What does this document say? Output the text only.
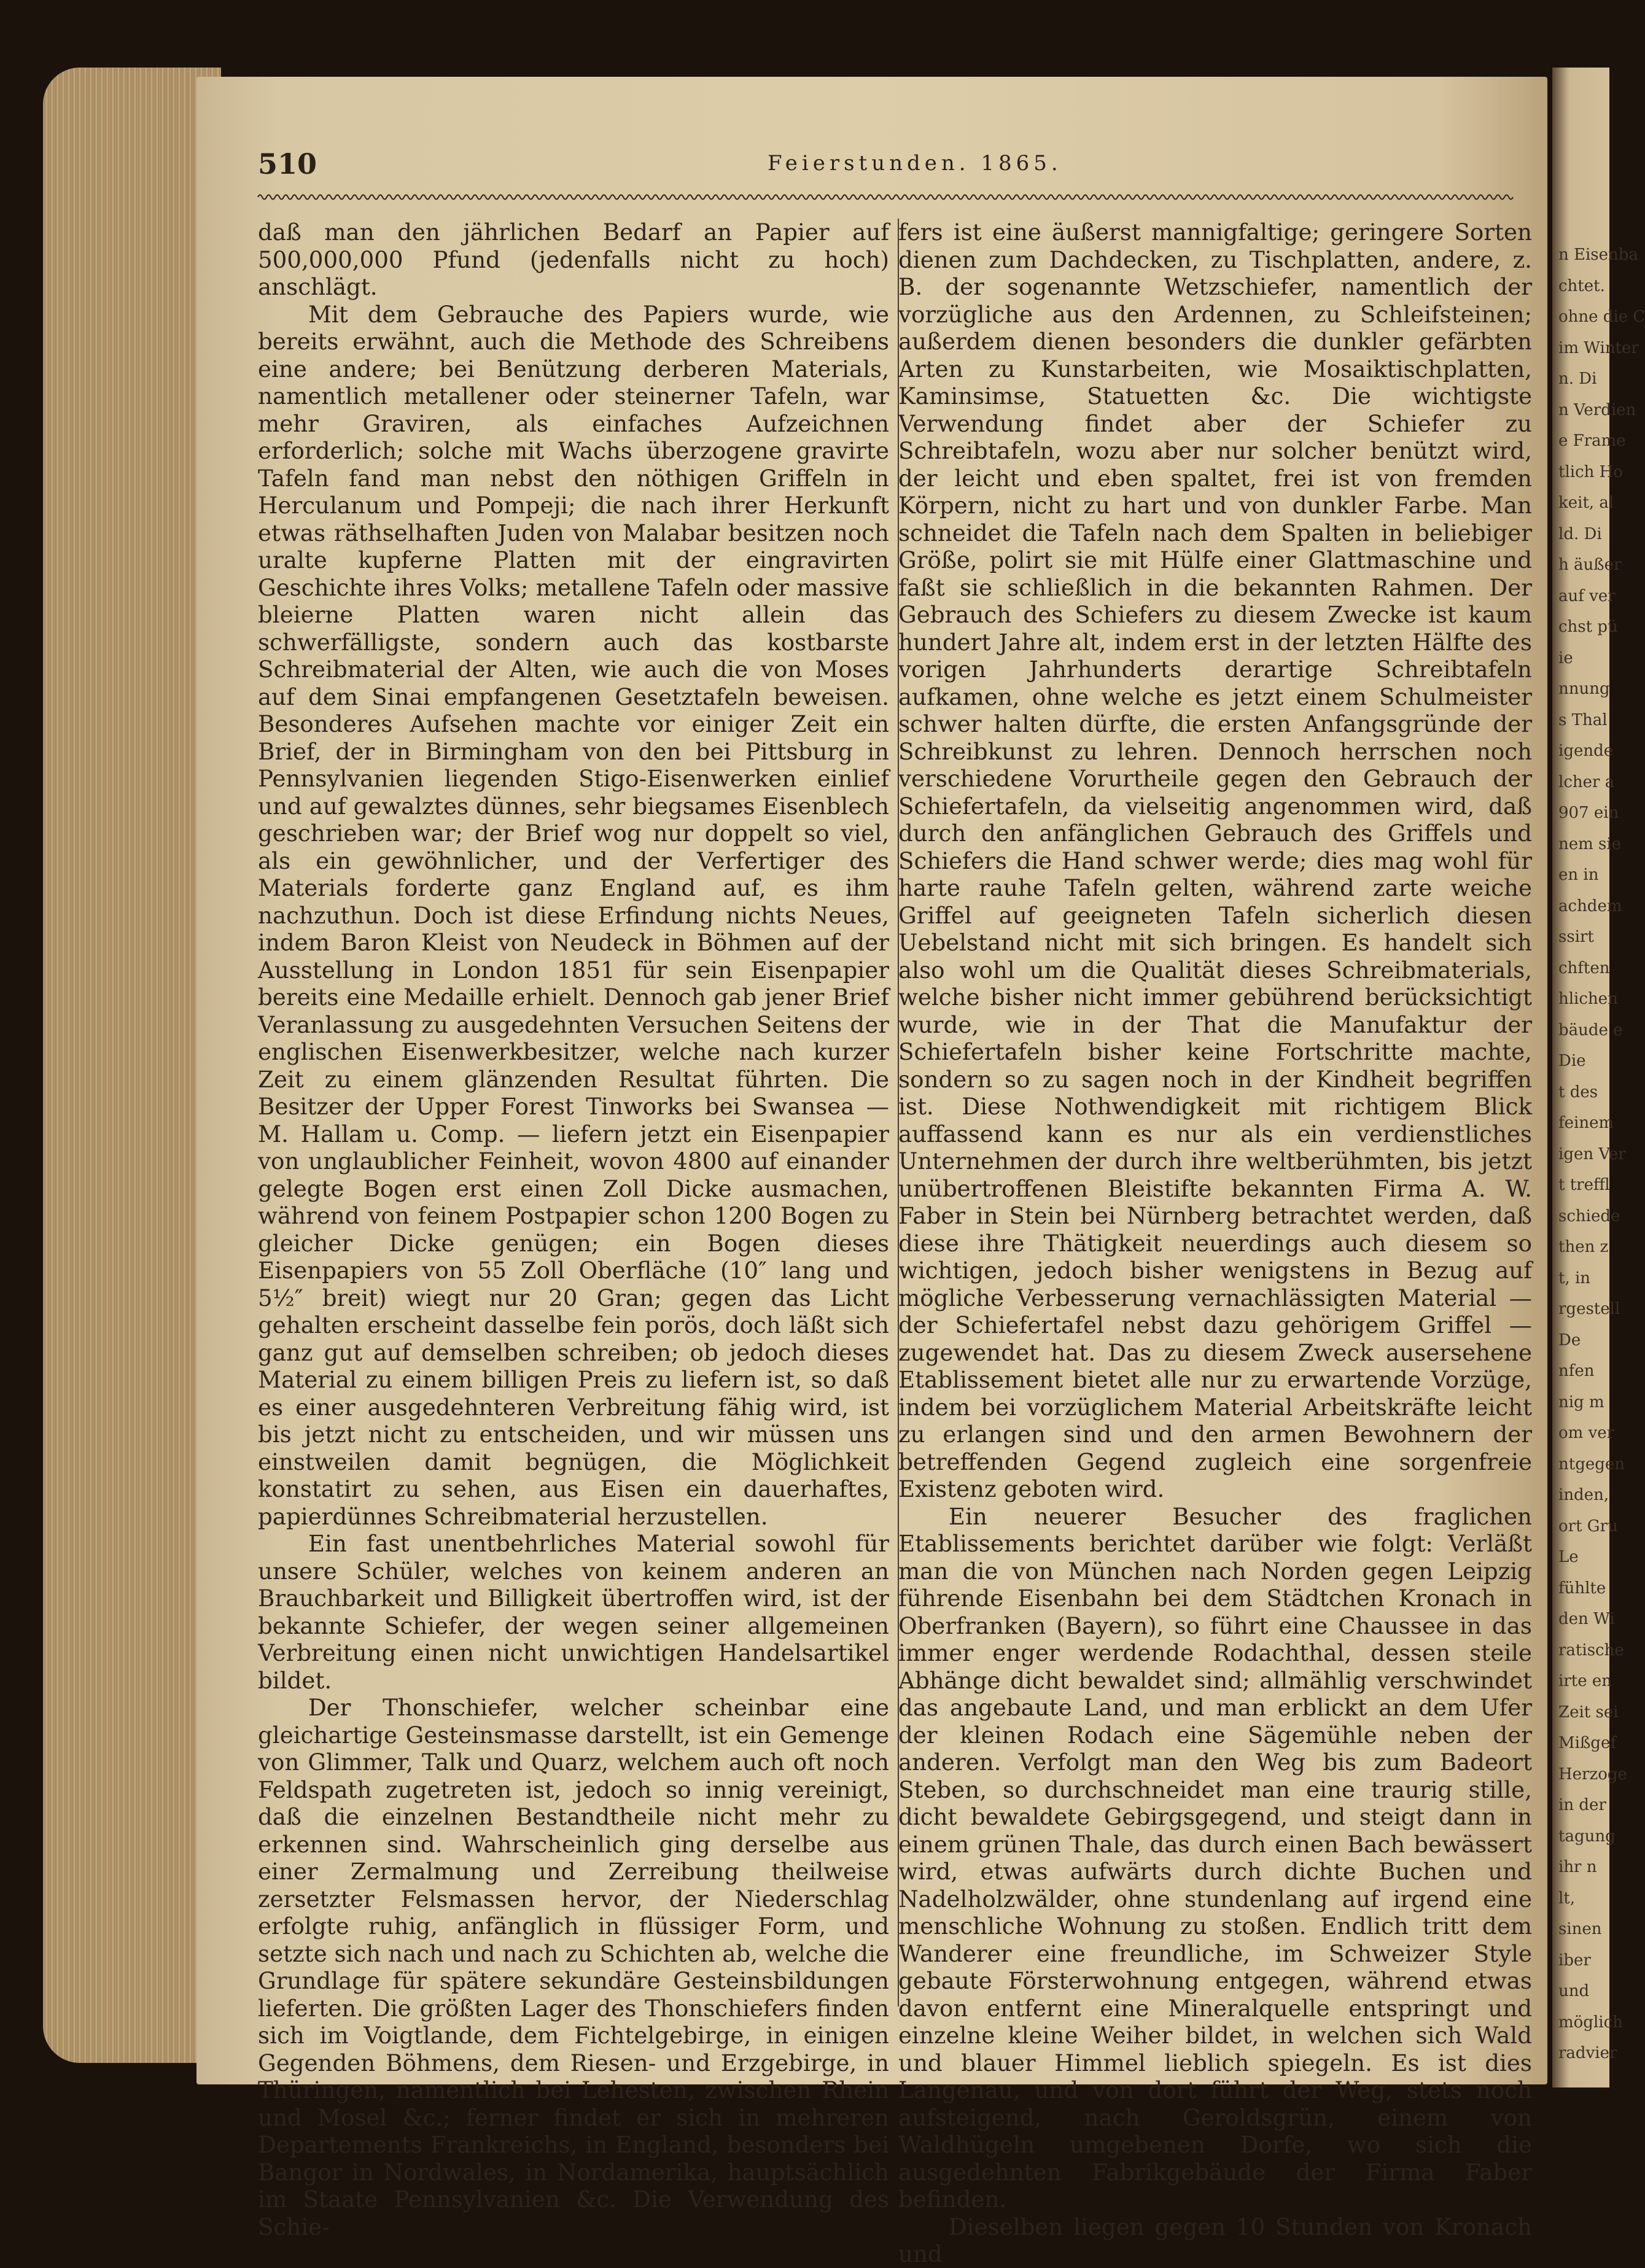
n Eisenba
chtet.
ohne die C
im Winter
n. Di
n Verdien
e Frame
tlich Ho
keit, al
ld. Di
h äußer
auf ver
chst pü
ie
nnung
s Thal
igende
lcher a
907 ein
nem sie
en in
achdem
ssirt
chften
hlichen
bäude e
Die
t des
feinem
igen Ver
t treffl
schiede
then z
t, in
rgestell
De
nfen
nig m
om ver
ntgegen
inden,
ort Gru
Le
fühlte
den Wi
ratische
irte en
Zeit sei
Mißgef
Herzoge
in der
tagung
ihr n
lt,
sinen
iber
und
möglich
radvier
510	Feierstunden. 1865.

daß man den jährlichen Bedarf an Papier auf 500,000,000 Pfund (jedenfalls nicht zu hoch) anschlägt.

Mit dem Gebrauche des Papiers wurde, wie bereits erwähnt, auch die Methode des Schreibens eine andere; bei Benützung derberen Materials, namentlich metallener oder steinerner Tafeln, war mehr Graviren, als einfaches Aufzeichnen erforderlich; solche mit Wachs überzogene gravirte Tafeln fand man nebst den nöthigen Griffeln in Herculanum und Pompeji; die nach ihrer Herkunft etwas räthselhaften Juden von Malabar besitzen noch uralte kupferne Platten mit der eingravirten Geschichte ihres Volks; metallene Tafeln oder massive bleierne Platten waren nicht allein das schwerfälligste, sondern auch das kostbarste Schreibmaterial der Alten, wie auch die von Moses auf dem Sinai empfangenen Gesetztafeln beweisen. Besonderes Aufsehen machte vor einiger Zeit ein Brief, der in Birmingham von den bei Pittsburg in Pennsylvanien liegenden Stigo-Eisenwerken einlief und auf gewalztes dünnes, sehr biegsames Eisenblech geschrieben war; der Brief wog nur doppelt so viel, als ein gewöhnlicher, und der Verfertiger des Materials forderte ganz England auf, es ihm nachzuthun. Doch ist diese Erfindung nichts Neues, indem Baron Kleist von Neudeck in Böhmen auf der Ausstellung in London 1851 für sein Eisenpapier bereits eine Medaille erhielt. Dennoch gab jener Brief Veranlassung zu ausgedehnten Versuchen Seitens der englischen Eisenwerkbesitzer, welche nach kurzer Zeit zu einem glänzenden Resultat führten. Die Besitzer der Upper Forest Tinworks bei Swansea — M. Hallam u. Comp. — liefern jetzt ein Eisenpapier von unglaublicher Feinheit, wovon 4800 auf einander gelegte Bogen erst einen Zoll Dicke ausmachen, während von feinem Postpapier schon 1200 Bogen zu gleicher Dicke genügen; ein Bogen dieses Eisenpapiers von 55 Zoll Oberfläche (10″ lang und 5½″ breit) wiegt nur 20 Gran; gegen das Licht gehalten erscheint dasselbe fein porös, doch läßt sich ganz gut auf demselben schreiben; ob jedoch dieses Material zu einem billigen Preis zu liefern ist, so daß es einer ausgedehnteren Verbreitung fähig wird, ist bis jetzt nicht zu entscheiden, und wir müssen uns einstweilen damit begnügen, die Möglichkeit konstatirt zu sehen, aus Eisen ein dauerhaftes, papierdünnes Schreibmaterial herzustellen.

Ein fast unentbehrliches Material sowohl für unsere Schüler, welches von keinem anderen an Brauchbarkeit und Billigkeit übertroffen wird, ist der bekannte Schiefer, der wegen seiner allgemeinen Verbreitung einen nicht unwichtigen Handelsartikel bildet.

Der Thonschiefer, welcher scheinbar eine gleichartige Gesteinsmasse darstellt, ist ein Gemenge von Glimmer, Talk und Quarz, welchem auch oft noch Feldspath zugetreten ist, jedoch so innig vereinigt, daß die einzelnen Bestandtheile nicht mehr zu erkennen sind. Wahrscheinlich ging derselbe aus einer Zermalmung und Zerreibung theilweise zersetzter Felsmassen hervor, der Niederschlag erfolgte ruhig, anfänglich in flüssiger Form, und setzte sich nach und nach zu Schichten ab, welche die Grundlage für spätere sekundäre Gesteinsbildungen lieferten. Die größten Lager des Thonschiefers finden sich im Voigtlande, dem Fichtelgebirge, in einigen Gegenden Böhmens, dem Riesen- und Erzgebirge, in Thüringen, namentlich bei Lehesten, zwischen Rhein und Mosel &c.; ferner findet er sich in mehreren Departements Frankreichs, in England, besonders bei Bangor in Nordwales, in Nordamerika, hauptsächlich im Staate Pennsylvanien &c. Die Verwendung des Schie-

fers ist eine äußerst mannigfaltige; geringere Sorten dienen zum Dachdecken, zu Tischplatten, andere, z. B. der sogenannte Wetzschiefer, namentlich der vorzügliche aus den Ardennen, zu Schleifsteinen; außerdem dienen besonders die dunkler gefärbten Arten zu Kunstarbeiten, wie Mosaiktischplatten, Kaminsimse, Statuetten &c. Die wichtigste Verwendung findet aber der Schiefer zu Schreibtafeln, wozu aber nur solcher benützt wird, der leicht und eben spaltet, frei ist von fremden Körpern, nicht zu hart und von dunkler Farbe. Man schneidet die Tafeln nach dem Spalten in beliebiger Größe, polirt sie mit Hülfe einer Glattmaschine und faßt sie schließlich in die bekannten Rahmen. Der Gebrauch des Schiefers zu diesem Zwecke ist kaum hundert Jahre alt, indem erst in der letzten Hälfte des vorigen Jahrhunderts derartige Schreibtafeln aufkamen, ohne welche es jetzt einem Schulmeister schwer halten dürfte, die ersten Anfangsgründe der Schreibkunst zu lehren. Dennoch herrschen noch verschiedene Vorurtheile gegen den Gebrauch der Schiefertafeln, da vielseitig angenommen wird, daß durch den anfänglichen Gebrauch des Griffels und Schiefers die Hand schwer werde; dies mag wohl für harte rauhe Tafeln gelten, während zarte weiche Griffel auf geeigneten Tafeln sicherlich diesen Uebelstand nicht mit sich bringen. Es handelt sich also wohl um die Qualität dieses Schreibmaterials, welche bisher nicht immer gebührend berücksichtigt wurde, wie in der That die Manufaktur der Schiefertafeln bisher keine Fortschritte machte, sondern so zu sagen noch in der Kindheit begriffen ist. Diese Nothwendigkeit mit richtigem Blick auffassend kann es nur als ein verdienstliches Unternehmen der durch ihre weltberühmten, bis jetzt unübertroffenen Bleistifte bekannten Firma A. W. Faber in Stein bei Nürnberg betrachtet werden, daß diese ihre Thätigkeit neuerdings auch diesem so wichtigen, jedoch bisher wenigstens in Bezug auf mögliche Verbesserung vernachlässigten Material — der Schiefertafel nebst dazu gehörigem Griffel — zugewendet hat. Das zu diesem Zweck ausersehene Etablissement bietet alle nur zu erwartende Vorzüge, indem bei vorzüglichem Material Arbeitskräfte leicht zu erlangen sind und den armen Bewohnern der betreffenden Gegend zugleich eine sorgenfreie Existenz geboten wird.

Ein neuerer Besucher des fraglichen Etablissements berichtet darüber wie folgt: Verläßt man die von München nach Norden gegen Leipzig führende Eisenbahn bei dem Städtchen Kronach in Oberfranken (Bayern), so führt eine Chaussee in das immer enger werdende Rodachthal, dessen steile Abhänge dicht bewaldet sind; allmählig verschwindet das angebaute Land, und man erblickt an dem Ufer der kleinen Rodach eine Sägemühle neben der anderen. Verfolgt man den Weg bis zum Badeort Steben, so durchschneidet man eine traurig stille, dicht bewaldete Gebirgsgegend, und steigt dann in einem grünen Thale, das durch einen Bach bewässert wird, etwas aufwärts durch dichte Buchen und Nadelholzwälder, ohne stundenlang auf irgend eine menschliche Wohnung zu stoßen. Endlich tritt dem Wanderer eine freundliche, im Schweizer Style gebaute Försterwohnung entgegen, während etwas davon entfernt eine Mineralquelle entspringt und einzelne kleine Weiher bildet, in welchen sich Wald und blauer Himmel lieblich spiegeln. Es ist dies Langenau, und von dort führt der Weg, stets noch aufsteigend, nach Geroldsgrün, einem von Waldhügeln umgebenen Dorfe, wo sich die ausgedehnten Fabrikgebäude der Firma Faber befinden.

Dieselben liegen gegen 10 Stunden von Kronach und
